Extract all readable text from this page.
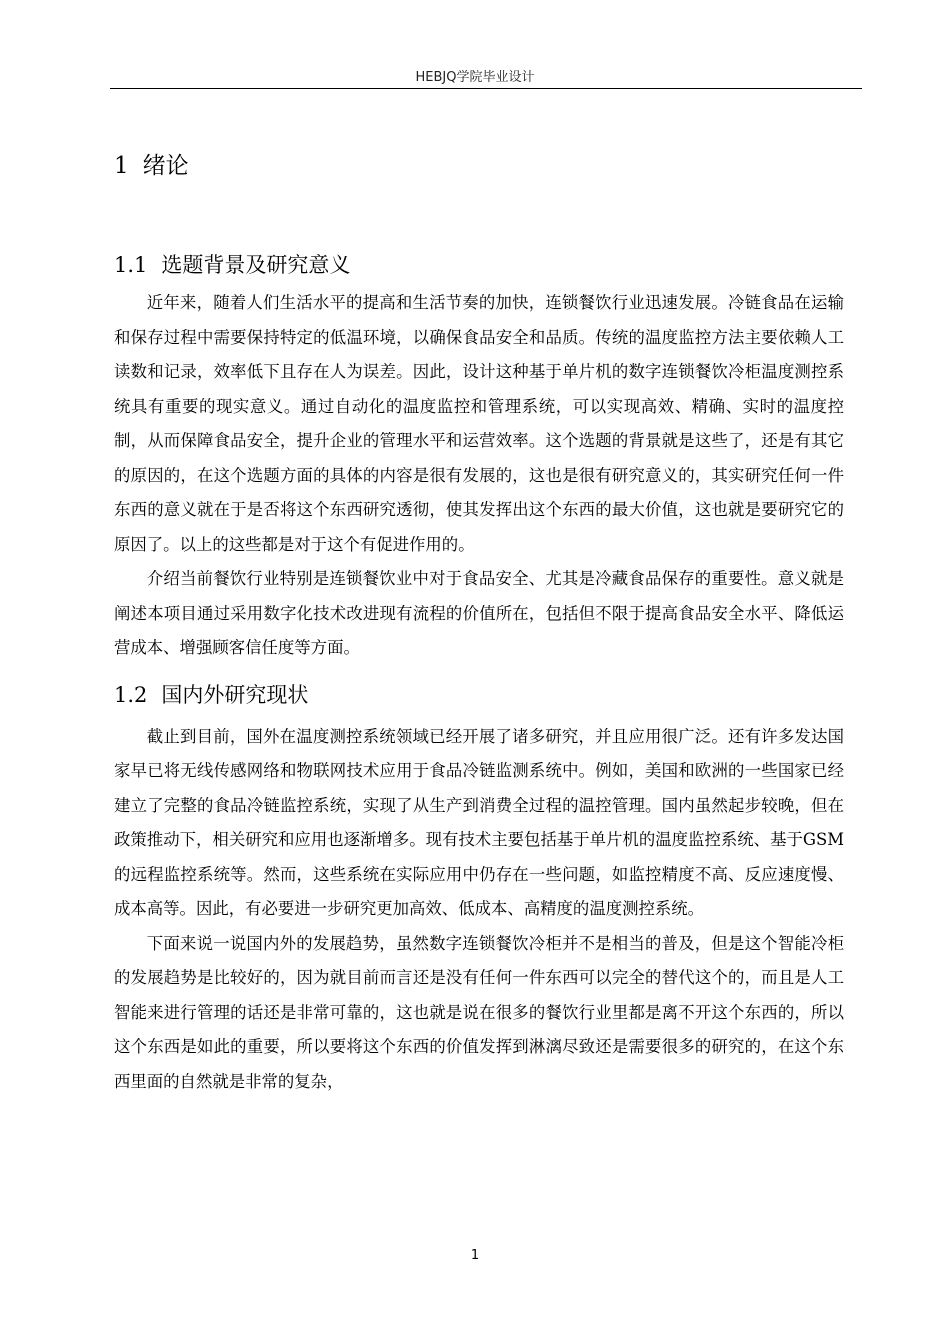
HEBJQ学院毕业设计
1 绪论
1.1 选题背景及研究意义

近年来，随着人们生活水平的提高和生活节奏的加快，连锁餐饮行业迅速发展。冷链食品在运输和保存过程中需要保持特定的低温环境，以确保食品安全和品质。传统的温度监控方法主要依赖人工读数和记录，效率低下且存在人为误差。因此，设计这种基于单片机的数字连锁餐饮冷柜温度测控系统具有重要的现实意义。通过自动化的温度监控和管理系统，可以实现高效、精确、实时的温度控制，从而保障食品安全，提升企业的管理水平和运营效率。这个选题的背景就是这些了，还是有其它的原因的，在这个选题方面的具体的内容是很有发展的，这也是很有研究意义的，其实研究任何一件东西的意义就在于是否将这个东西研究透彻，使其发挥出这个东西的最大价值，这也就是要研究它的原因了。以上的这些都是对于这个有促进作用的。

介绍当前餐饮行业特别是连锁餐饮业中对于食品安全、尤其是冷藏食品保存的重要性。意义就是阐述本项目通过采用数字化技术改进现有流程的价值所在，包括但不限于提高食品安全水平、降低运营成本、增强顾客信任度等方面。

1.2 国内外研究现状

截止到目前，国外在温度测控系统领域已经开展了诸多研究，并且应用很广泛。还有许多发达国家早已将无线传感网络和物联网技术应用于食品冷链监测系统中。例如，美国和欧洲的一些国家已经建立了完整的食品冷链监控系统，实现了从生产到消费全过程的温控管理。国内虽然起步较晚，但在政策推动下，相关研究和应用也逐渐增多。现有技术主要包括基于单片机的温度监控系统、基于GSM的远程监控系统等。然而，这些系统在实际应用中仍存在一些问题，如监控精度不高、反应速度慢、成本高等。因此，有必要进一步研究更加高效、低成本、高精度的温度测控系统。

下面来说一说国内外的发展趋势，虽然数字连锁餐饮冷柜并不是相当的普及，但是这个智能冷柜的发展趋势是比较好的，因为就目前而言还是没有任何一件东西可以完全的替代这个的，而且是人工智能来进行管理的话还是非常可靠的，这也就是说在很多的餐饮行业里都是离不开这个东西的，所以这个东西是如此的重要，所以要将这个东西的价值发挥到淋漓尽致还是需要很多的研究的，在这个东西里面的自然就是非常的复杂，

1
